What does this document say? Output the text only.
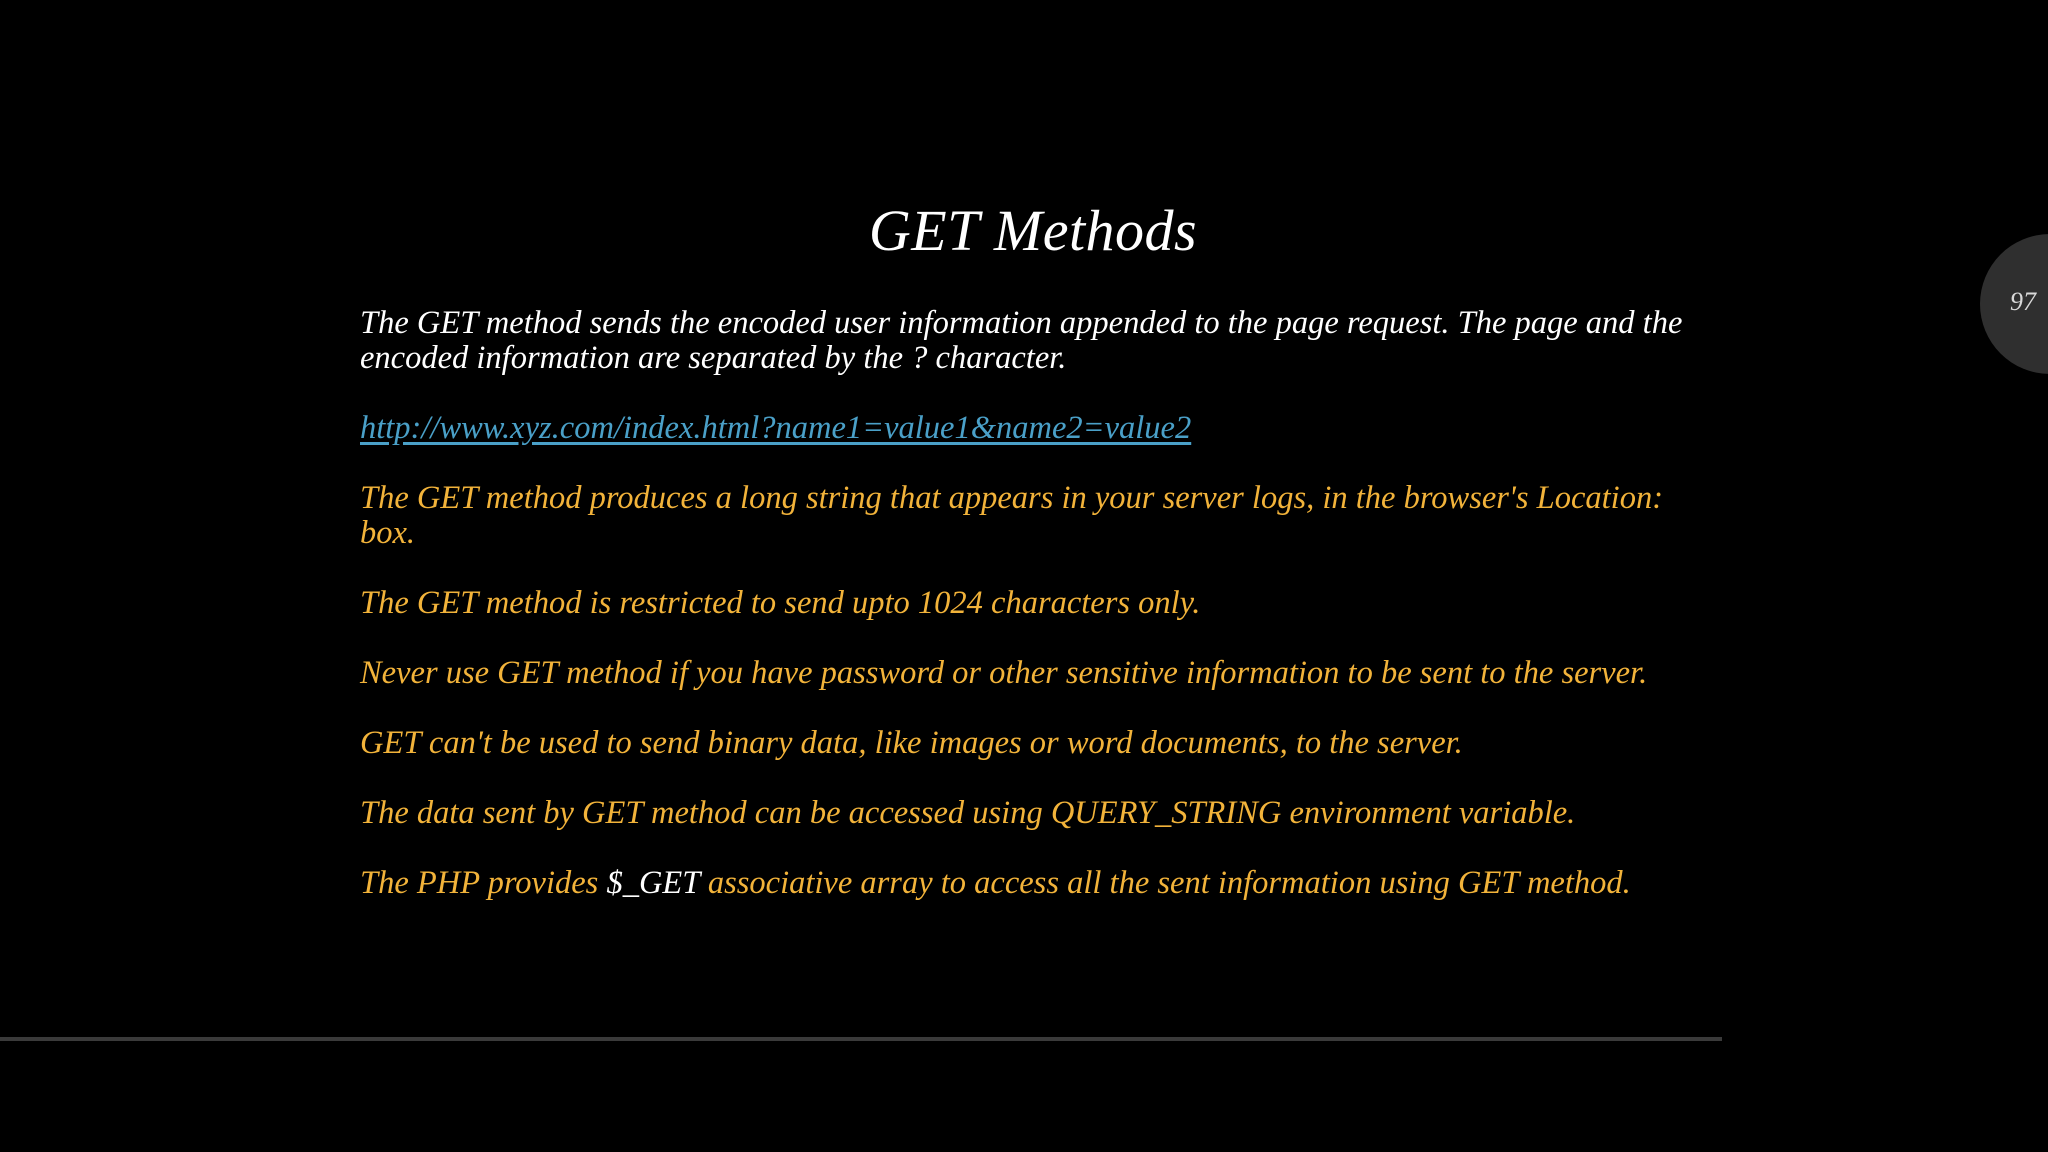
GET Methods

The GET method sends the encoded user information appended to the page request. The page and the encoded information are separated by the ? character.

http://www.xyz.com/index.html?name1=value1&name2=value2

The GET method produces a long string that appears in your server logs, in the browser's Location: box.

The GET method is restricted to send upto 1024 characters only.

Never use GET method if you have password or other sensitive information to be sent to the server.

GET can't be used to send binary data, like images or word documents, to the server.

The data sent by GET method can be accessed using QUERY_STRING environment variable.

The PHP provides $_GET associative array to access all the sent information using GET method.

97
